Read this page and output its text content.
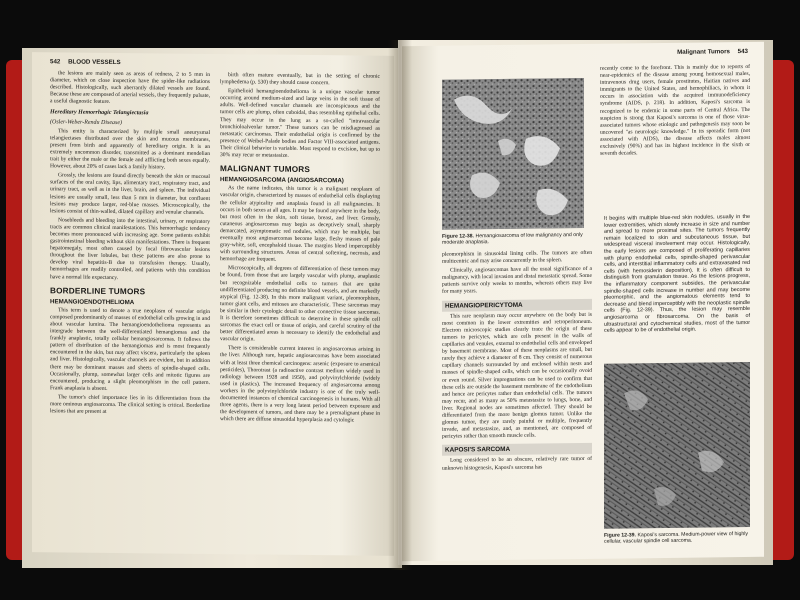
542 BLOOD VESSELS

the lesions are mainly seen as areas of redness, 2 to 5 mm in diameter, which on close inspection have the spider-like radiations described. Histologically, such aberrantly dilated vessels are found. Because these are composed of arterial vessels, they frequently pulsate, a useful diagnostic feature.

Hereditary Hemorrhagic Telangiectasia
(Osler-Weber-Rendu Disease)

This entity is characterized by multiple small aneurysmal telangiectases distributed over the skin and mucous membranes, present from birth and apparently of hereditary origin. It is an extremely uncommon disorder, transmitted as a dominant mendelian trait by either the male or the female and afflicting both sexes equally. However, about 20% of cases lack a family history.

Grossly, the lesions are found directly beneath the skin or mucosal surfaces of the oral cavity, lips, alimentary tract, respiratory tract, and urinary tract, as well as in the liver, brain, and spleen. The individual lesions are usually small, less than 5 mm in diameter, but confluent lesions may produce larger, red-blue masses. Microscopically, the lesions consist of thin-walled, dilated capillary and venular channels.

Nosebleeds and bleeding into the intestinal, urinary, or respiratory tracts are common clinical manifestations. This hemorrhagic tendency becomes more pronounced with increasing age. Some patients exhibit gastrointestinal bleeding without skin manifestations. There is frequent hepatomegaly, most often caused by focal fibrovascular lesions throughout the liver lobules, but these patterns are also prone to develop viral hepatitis-B due to transfusion therapy. Usually, hemorrhages are readily controlled, and patients with this condition have a normal life expectancy.

BORDERLINE TUMORS
HEMANGIOENDOTHELIOMA

This term is used to denote a true neoplasm of vascular origin composed predominantly of masses of endothelial cells growing in and about vascular lumina. The hemangioendothelioma represents an intergrade between the well-differentiated hemangiomas and the frankly anaplastic, totally cellular hemangiosarcomas. It follows the pattern of distribution of the hemangiomas and is most frequently encountered in the skin, but may affect viscera, particularly the spleen and liver. Histologically, vascular channels are evident, but in addition there may be dominant masses and sheets of spindle-shaped cells. Occasionally, plump, somewhat larger cells and mitotic figures are encountered, producing a slight pleomorphism in the cell pattern. Frank anaplasia is absent.

The tumor's chief importance lies in its differentiation from the more ominous angiosarcoma. The clinical setting is critical. Borderline lesions that are present at

birth often mature eventually, but in the setting of chronic lymphedema (p. 530) they should cause concern.

Epithelioid hemangioendothelioma is a unique vascular tumor occurring around medium-sized and large veins in the soft tissue of adults. Well-defined vascular channels are inconspicuous and the tumor cells are plump, often cuboidal, thus resembling epithelial cells. They may occur in the lung as a so-called "intravascular bronchioloalveolar tumor." These tumors can be misdiagnosed as metastatic carcinomas. Their endothelial origin is confirmed by the presence of Weibel-Palade bodies and Factor VIII-associated antigens. Their clinical behavior is variable. Most respond to excision, but up to 30% may recur or metastasize.

MALIGNANT TUMORS
HEMANGIOSARCOMA (ANGIOSARCOMA)

As the name indicates, this tumor is a malignant neoplasm of vascular origin, characterized by masses of endothelial cells displaying the cellular atypicality and anaplasia found in all malignancies. It occurs in both sexes at all ages. It may be found anywhere in the body, but most often in the skin, soft tissue, breast, and liver. Grossly, cutaneous angiosarcomas may begin as deceptively small, sharply demarcated, asymptomatic red nodules, which may be multiple, but eventually most angiosarcomas become large, fleshy masses of pale gray-white, soft, encephaloid tissue. The margins blend imperceptibly with surrounding structures. Areas of central softening, necrosis, and hemorrhage are frequent.

Microscopically, all degrees of differentiation of these tumors may be found, from those that are largely vascular with plump, anaplastic but recognizable endothelial cells to tumors that are quite undifferentiated producing no definite blood vessels, and are markedly atypical (Fig. 12-38). In this more malignant variant, pleomorphism, tumor giant cells, and mitoses are characteristic. These sarcomas may be similar in their cytologic detail to other connective tissue sarcomas. It is therefore sometimes difficult to determine in these spindle cell sarcomas the exact cell or tissue of origin, and careful scrutiny of the better differentiated areas is necessary to identify the endothelial and vascular origin.

There is considerable current interest in angiosarcomas arising in the liver. Although rare, hepatic angiosarcomas have been associated with at least three chemical carcinogens: arsenic (exposure to arsenical pesticides), Thorotrast (a radioactive contrast medium widely used in radiology between 1928 and 1950), and polyvinylchloride (widely used in plastics). The increased frequency of angiosarcoma among workers in the polyvinylchloride industry is one of the truly well-documented instances of chemical carcinogenesis in humans. With all three agents, there is a very long latent period between exposure and the development of tumors, and there may be a premalignant phase in which there are diffuse sinusoidal hyperplasia and cytologic

Malignant Tumors 543
Figure 12-38. Hemangiosarcoma of low malignancy and only moderate anaplasia.

pleomorphism in sinusoidal lining cells. The tumors are often multicentric and may arise concurrently in the spleen.

Clinically, angiosarcomas have all the usual significance of a malignancy, with local invasion and distal metastatic spread. Some patients survive only weeks to months, whereas others may live for many years.

HEMANGIOPERICYTOMA

This rare neoplasm may occur anywhere on the body but is most common in the lower extremities and retroperitoneum. Electron microscopic studies clearly trace the origin of these tumors to pericytes, which are cells present in the walls of capillaries and venules, external to endothelial cells and enveloped by basement membrane. Most of these neoplasms are small, but rarely they achieve a diameter of 8 cm. They consist of numerous capillary channels surrounded by and enclosed within nests and masses of spindle-shaped cells, which can be occasionally ovoid or even round. Silver impregnations can be used to confirm that these cells are outside the basement membrane of the endothelium and hence are pericytes rather than endothelial cells. The tumors may recur, and as many as 50% metastasize to lungs, bone, and liver. Regional nodes are sometimes affected. They should be differentiated from the more benign glomus tumor. Unlike the glomus tumor, they are rarely painful or multiple, frequently invade, and metastasize, and, as mentioned, are composed of pericytes rather than smooth muscle cells.

KAPOSI'S SARCOMA

Long considered to be an obscure, relatively rare tumor of unknown histogenesis, Kaposi's sarcoma has

recently come to the forefront. This is mainly due to reports of near-epidemics of the disease among young homosexual males, intravenous drug users, female prostitutes, Haitian natives and immigrants to the United States, and hemophiliacs, in whom it occurs in association with the acquired immunodeficiency syndrome (AIDS, p. 218). In addition, Kaposi's sarcoma is recognized to be endemic in some parts of Central Africa. The suspicion is strong that Kaposi's sarcoma is one of those virus-associated tumors whose etiologic and pathogenesis may soon be uncovered "as neurologic knowledge." In its sporadic form (not associated with AIDS), the disease affects males almost exclusively (90%) and has its highest incidence in the sixth or seventh decades.

It begins with multiple blue-red skin nodules, usually in the lower extremities, which slowly increase in size and number and spread to more proximal sites. The tumors frequently remain localized to skin and subcutaneous tissue, but widespread visceral involvement may occur. Histologically, the early lesions are composed of proliferating capillaries with plump endothelial cells, spindle-shaped perivascular cells, and interstitial inflammatory cells and extravasated red cells (with hemosiderin deposition). It is often difficult to distinguish from granulation tissue. As the lesions progress, the inflammatory component subsides, the perivascular spindle-shaped cells increase in number and may become pleomorphic, and the angiomatous elements tend to decrease and blend imperceptibly with the neoplastic spindle cells (Fig. 12-39). Thus, the lesion may resemble angiosarcoma or fibrosarcoma. On the basis of ultrastructural and cytochemical studies, most of the tumor cells appear to be of endothelial origin.
Figure 12-39. Kaposi's sarcoma. Medium-power view of highly cellular, vascular spindle cell sarcoma.
